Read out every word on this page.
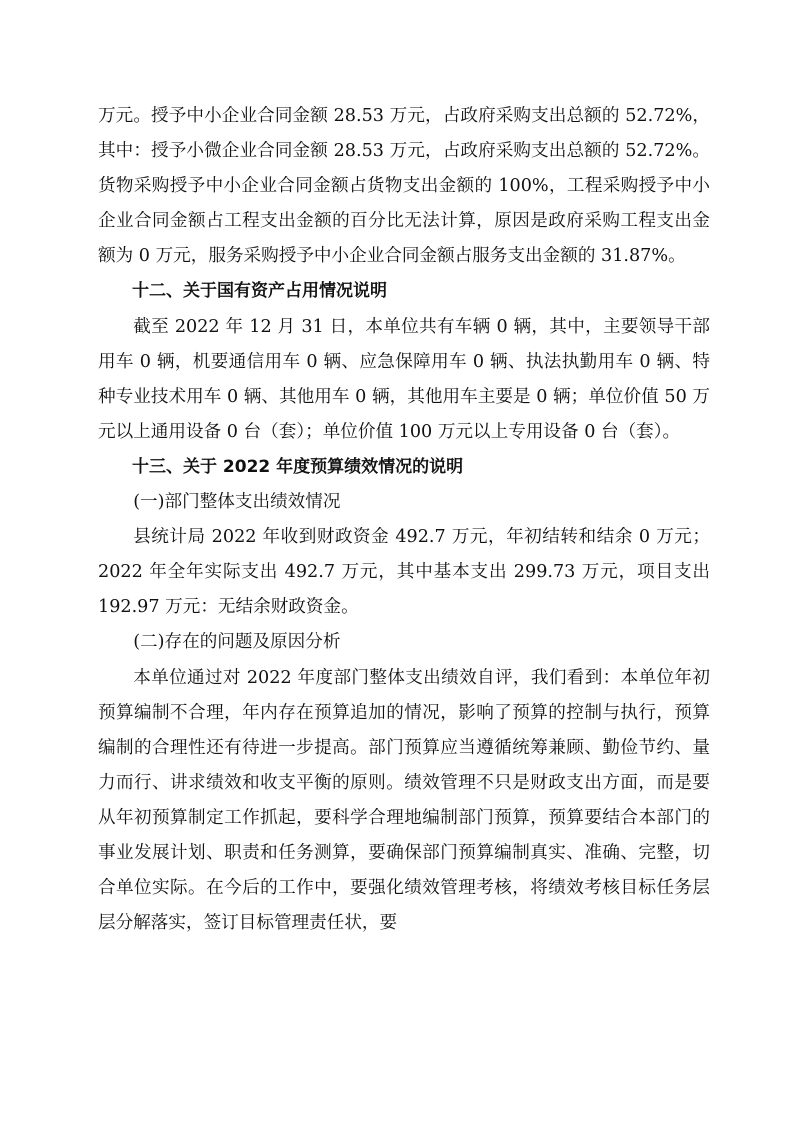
万元。授予中小企业合同金额 28.53 万元，占政府采购支出总额的 52.72%，其中：授予小微企业合同金额 28.53 万元，占政府采购支出总额的 52.72%。货物采购授予中小企业合同金额占货物支出金额的 100%，工程采购授予中小企业合同金额占工程支出金额的百分比无法计算，原因是政府采购工程支出金额为 0 万元，服务采购授予中小企业合同金额占服务支出金额的 31.87%。

十二、关于国有资产占用情况说明

截至 2022 年 12 月 31 日，本单位共有车辆 0 辆，其中，主要领导干部用车 0 辆，机要通信用车 0 辆、应急保障用车 0 辆、执法执勤用车 0 辆、特种专业技术用车 0 辆、其他用车 0 辆，其他用车主要是 0 辆；单位价值 50 万元以上通用设备 0 台（套）；单位价值 100 万元以上专用设备 0 台（套）。

十三、关于 2022 年度预算绩效情况的说明

(一)部门整体支出绩效情况

县统计局 2022 年收到财政资金 492.7 万元，年初结转和结余 0 万元；2022 年全年实际支出 492.7 万元，其中基本支出 299.73 万元，项目支出 192.97 万元：无结余财政资金。

(二)存在的问题及原因分析

本单位通过对 2022 年度部门整体支出绩效自评，我们看到：本单位年初预算编制不合理，年内存在预算追加的情况，影响了预算的控制与执行，预算编制的合理性还有待进一步提高。部门预算应当遵循统筹兼顾、勤俭节约、量力而行、讲求绩效和收支平衡的原则。绩效管理不只是财政支出方面，而是要从年初预算制定工作抓起，要科学合理地编制部门预算，预算要结合本部门的事业发展计划、职责和任务测算，要确保部门预算编制真实、准确、完整，切合单位实际。在今后的工作中，要强化绩效管理考核，将绩效考核目标任务层层分解落实，签订目标管理责任状，要
